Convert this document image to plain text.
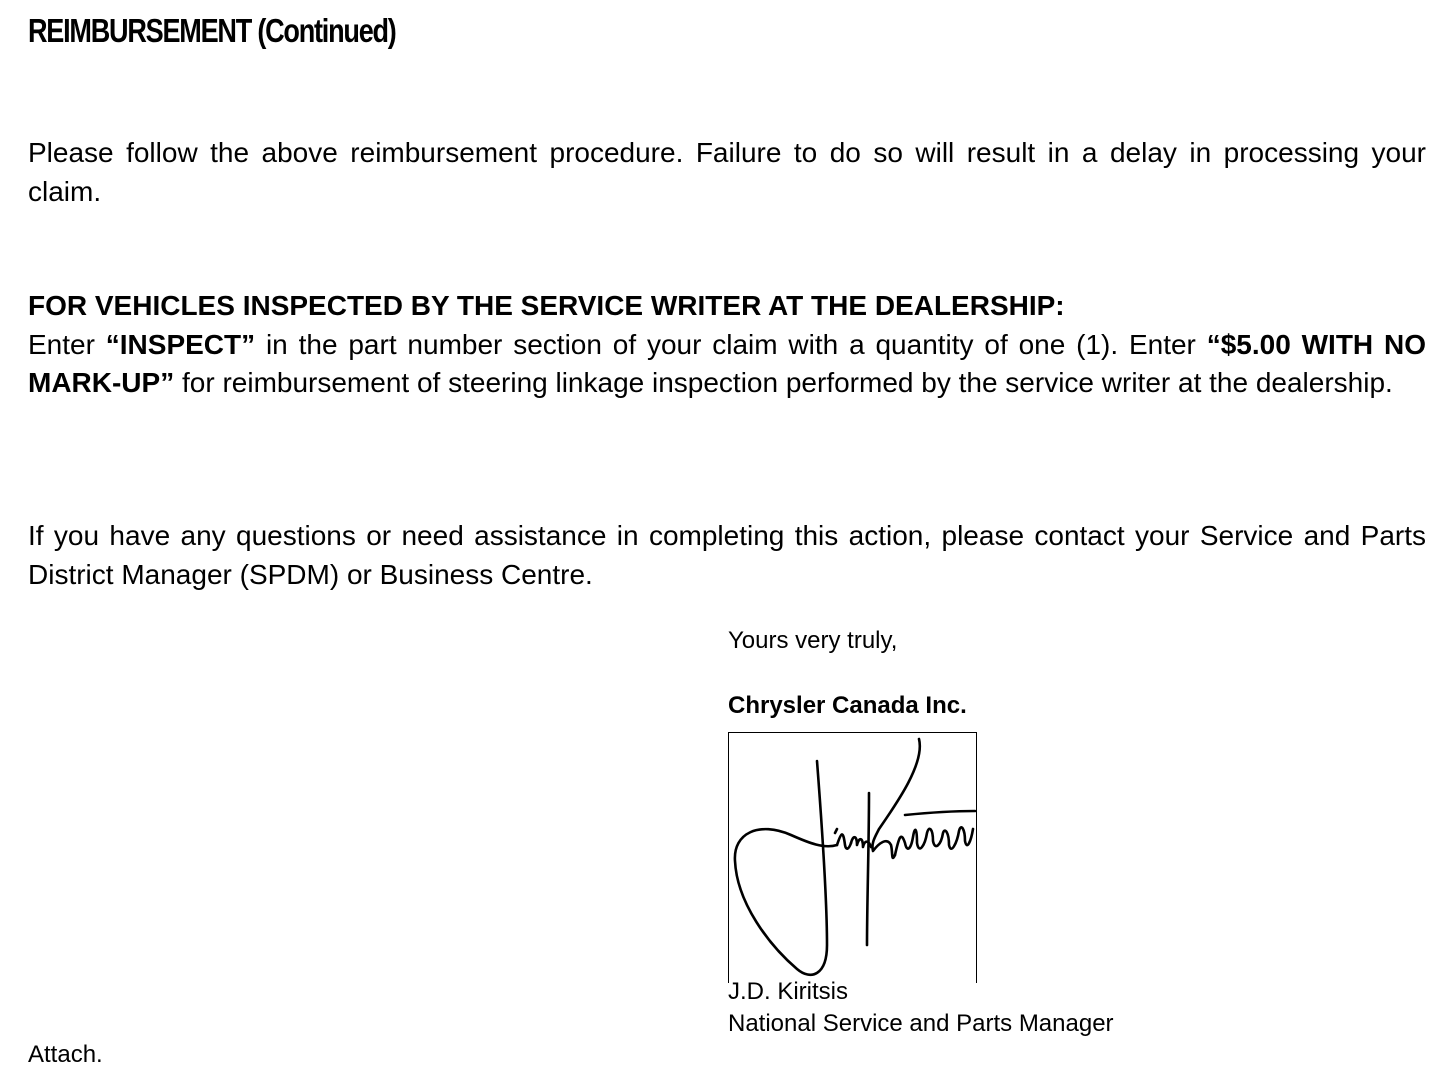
REIMBURSEMENT (Continued)

Please follow the above reimbursement procedure. Failure to do so will result in a delay in processing your claim.

FOR VEHICLES INSPECTED BY THE SERVICE WRITER AT THE DEALERSHIP:
Enter “INSPECT” in the part number section of your claim with a quantity of one (1). Enter “$5.00 WITH NO MARK-UP” for reimbursement of steering linkage inspection performed by the service writer at the dealership.

If you have any questions or need assistance in completing this action, please contact your Service and Parts District Manager (SPDM) or Business Centre.

Yours very truly,
Chrysler Canada Inc.
J.D. Kiritsis
National Service and Parts Manager

Attach.
